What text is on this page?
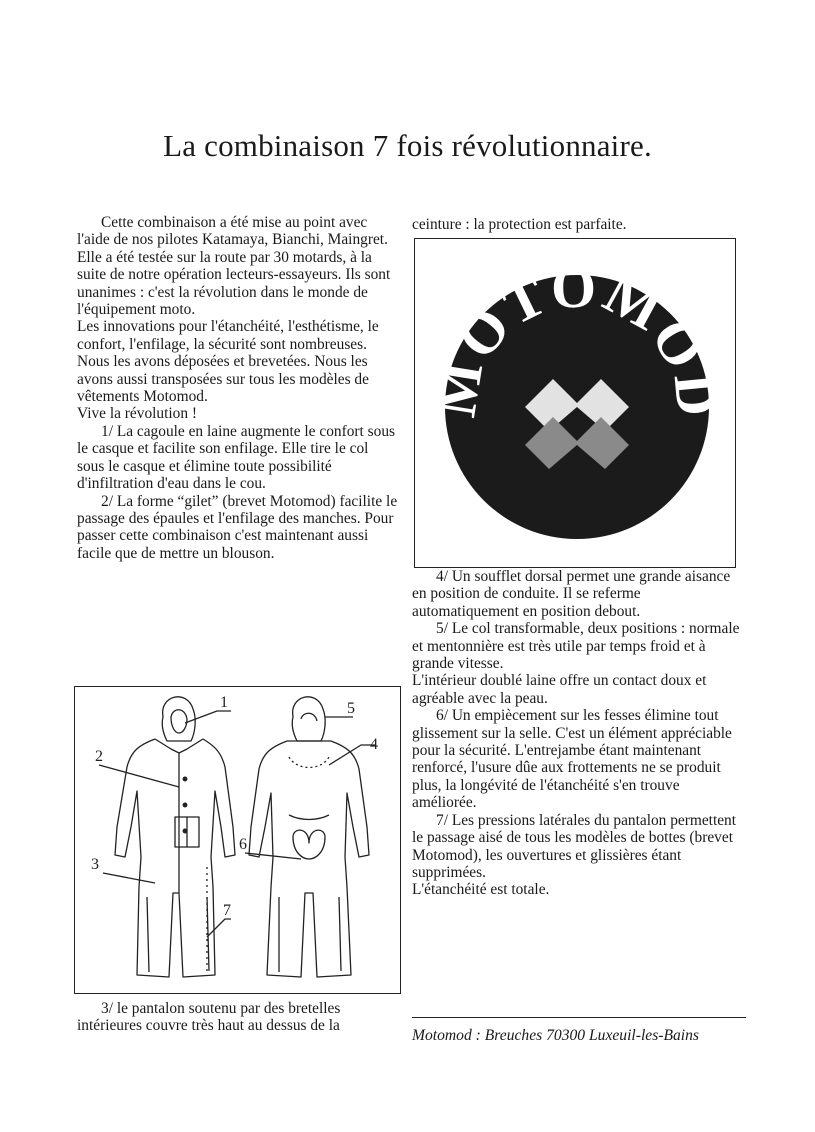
La combinaison 7 fois révolutionnaire.

Cette combinaison a été mise au point avec l'aide de nos pilotes Katamaya, Bianchi, Maingret.

Elle a été testée sur la route par 30 motards, à la suite de notre opération lecteurs-essayeurs. Ils sont unanimes : c'est la révolution dans le monde de l'équipement moto.

Les innovations pour l'étanchéité, l'esthétisme, le confort, l'enfilage, la sécurité sont nombreuses. Nous les avons déposées et brevetées. Nous les avons aussi transposées sur tous les modèles de vêtements Motomod.

Vive la révolution !

1/ La cagoule en laine augmente le confort sous le casque et facilite son enfilage. Elle tire le col sous le casque et élimine toute possibilité d'infiltration d'eau dans le cou.

2/ La forme “gilet” (brevet Motomod) facilite le passage des épaules et l'enfilage des manches. Pour passer cette combinaison c'est maintenant aussi facile que de mettre un blouson.

1
2
3
4
5
6
7

3/ le pantalon soutenu par des bretelles intérieures couvre très haut au dessus de la

ceinture : la protection est parfaite.

MOTOMOD

4/ Un soufflet dorsal permet une grande aisance en position de conduite. Il se referme automatiquement en position debout.

5/ Le col transformable, deux positions : normale et mentonnière est très utile par temps froid et à grande vitesse.

L'intérieur doublé laine offre un contact doux et agréable avec la peau.

6/ Un empiècement sur les fesses élimine tout glissement sur la selle. C'est un élément appréciable pour la sécurité. L'entrejambe étant maintenant renforcé, l'usure dûe aux frottements ne se produit plus, la longévité de l'étanchéité s'en trouve améliorée.

7/ Les pressions latérales du pantalon permettent le passage aisé de tous les modèles de bottes (brevet Motomod), les ouvertures et glissières étant supprimées.

L'étanchéité est totale.

Motomod : Breuches 70300 Luxeuil-les-Bains
